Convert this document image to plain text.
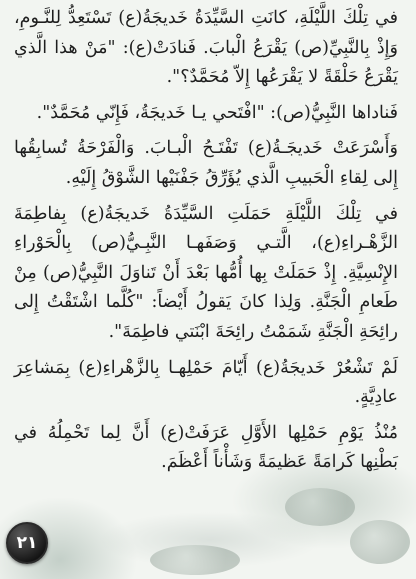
في تِلْكَ اللَّيْلَةِ، كانَتِ السَّيِّدَةُ خَديجَةُ(ع) تَسْتَعِدُّ لِلنَّـومِ، وَإِذْ بِالنَّبِيِّ(ص) يَقْرَعُ الْبابَ. فَنادَتْ(ع): "مَنْ هذا الَّذي يَقْرَعُ حَلْقَةً لا يَقْرَعُها إِلاّ مُحَمَّدٌ؟".

فَناداها النَّبِيُّ(ص): "افْتَحي يـا خَديجَةُ، فَإِنّي مُحَمَّدٌ".

وَأَسْرَعَتْ خَديجَـةُ(ع) تَفْتَـحُ الْبـابَ. وَالْفَرْحَةُ تُسابِقُها إِلى لِقاءِ الْحَبيبِ الَّذي يُؤَرِّقُ جَفْنَيْها الشَّوْقُ إِلَيْهِ.

في تِلْكَ اللَّيْلَةِ حَمَلَتِ السَّيِّدَةُ خَديجَةُ(ع) بِفاطِمَةَ الزَّهْـراءِ(ع)، الَّتـي وَصَفَهـا النَّبِـيُّ(ص) بِالْحَوْراءِ الإِنْسِيَّةِ. إِذْ حَمَلَتْ بِها أُمُّها بَعْدَ أَنْ تَناوَلَ النَّبِيُّ(ص) مِنْ طَعامِ الْجَنَّةِ. وَلِذا كانَ يَقولُ أَيْضاً: "كُلَّما اشْتَقْتُ إِلى رائِحَةِ الْجَنَّةِ شَمَمْتُ رائِحَةَ ابْنَتي فاطِمَةَ".

لَمْ تَشْعُرْ خَديجَةُ(ع) أَيّامَ حَمْلِهـا بِالزَّهْراءِ(ع) بِمَشاعِرَ عادِيَّةٍ.

مُنْذُ يَوْمِ حَمْلِها الأَوَّلِ عَرَفَتْ(ع) أَنَّ لِما تَحْمِلُهُ في بَطْنِها كَرامَةً عَظيمَةً وَشَأْناً أَعْظَمَ.

٢١
